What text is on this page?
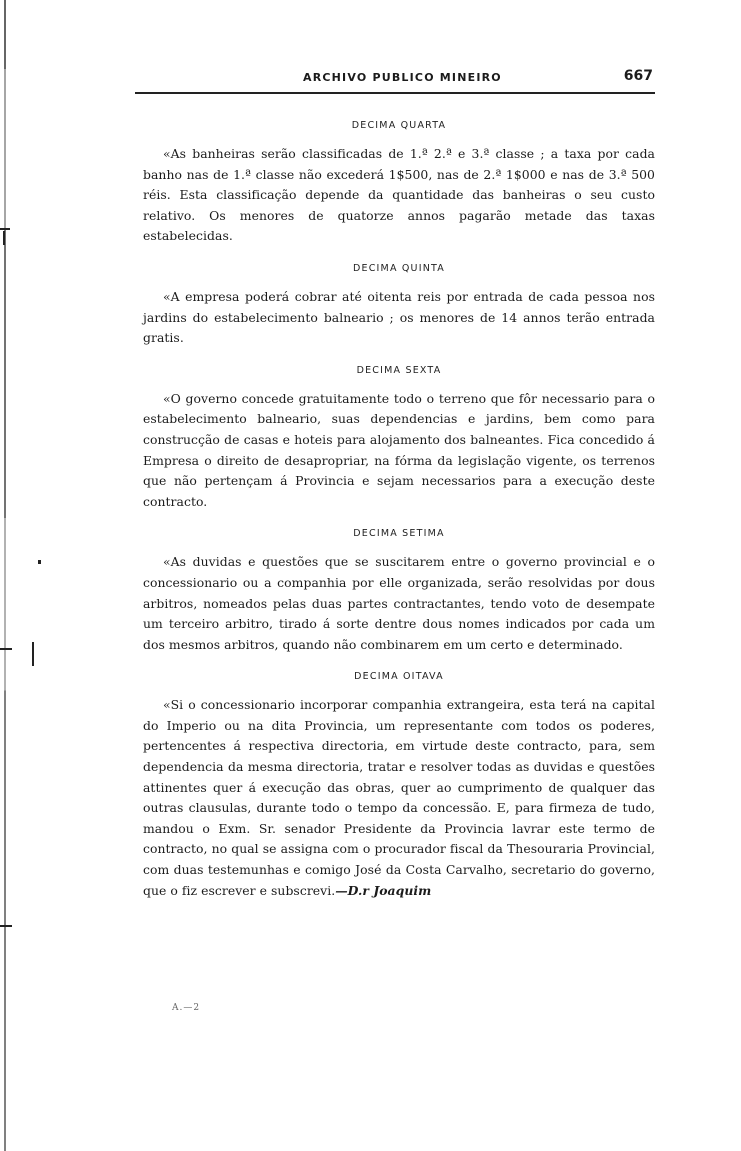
ARCHIVO PUBLICO MINEIRO	667
DECIMA QUARTA

«As banheiras serão classificadas de 1.ª 2.ª e 3.ª classe ; a taxa por cada banho nas de 1.ª classe não excederá 1$500, nas de 2.ª 1$000 e nas de 3.ª 500 réis. Esta classificação depende da quantidade das banheiras o seu custo relativo. Os menores de quatorze annos pagarão metade das taxas estabelecidas.

DECIMA QUINTA

«A empresa poderá cobrar até oitenta reis por entrada de cada pessoa nos jardins do estabelecimento balneario ; os menores de 14 annos terão entrada gratis.

DECIMA SEXTA

«O governo concede gratuitamente todo o terreno que fôr necessario para o estabelecimento balneario, suas dependencias e jardins, bem como para construcção de casas e hoteis para alojamento dos balneantes. Fica concedido á Empresa o direito de desapropriar, na fórma da legislação vigente, os terrenos que não pertençam á Provincia e sejam necessarios para a execução deste contracto.

DECIMA SETIMA

«As duvidas e questões que se suscitarem entre o governo provincial e o concessionario ou a companhia por elle organizada, serão resolvidas por dous arbitros, nomeados pelas duas partes contractantes, tendo voto de desempate um terceiro arbitro, tirado á sorte dentre dous nomes indicados por cada um dos mesmos arbitros, quando não combinarem em um certo e determinado.

DECIMA OITAVA

«Si o concessionario incorporar companhia extrangeira, esta terá na capital do Imperio ou na dita Provincia, um representante com todos os poderes, pertencentes á respectiva directoria, em virtude deste contracto, para, sem dependencia da mesma directoria, tratar e resolver todas as duvidas e questões attinentes quer á execução das obras, quer ao cumprimento de qualquer das outras clausulas, durante todo o tempo da concessão. E, para firmeza de tudo, mandou o Exm. Sr. senador Presidente da Provincia lavrar este termo de contracto, no qual se assigna com o procurador fiscal da Thesouraria Provincial, com duas testemunhas e comigo José da Costa Carvalho, secretario do governo, que o fiz escrever e subscrevi.—D.r Joaquim

A.—2
